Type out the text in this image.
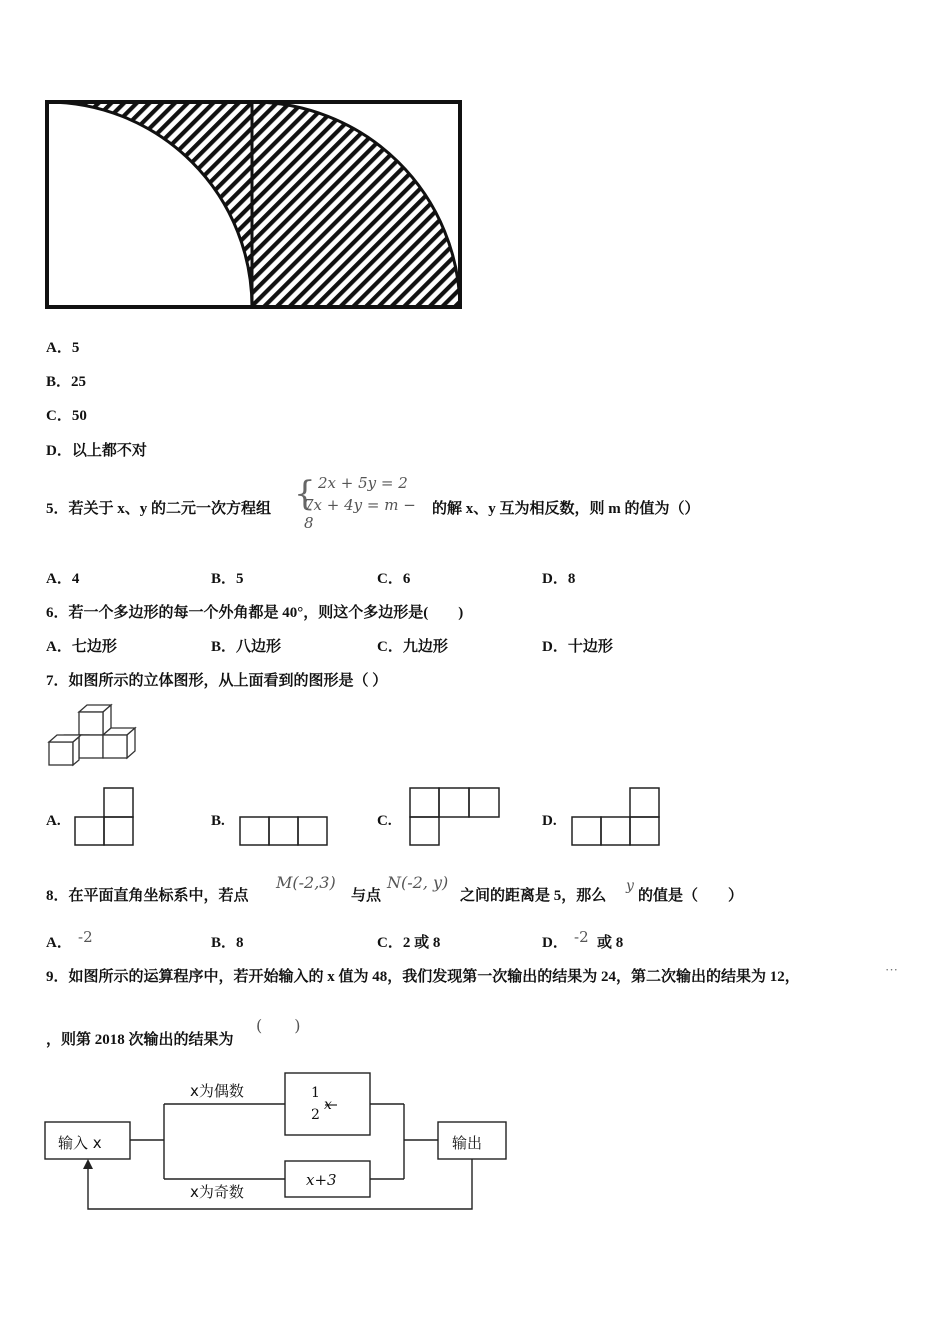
A．5
B．25
C．50
D．以上都不对
5．若关于 x、y 的二元一次方程组 { 2x + 5y = 2
7x + 4y = m − 8
的解 x、y 互为相反数，则 m 的值为（）
A．4	B．5	C．6	D．8
6．若一个多边形的每一个外角都是 40°，则这个多边形是(　　)
A．七边形	B．八边形	C．九边形	D．十边形
7．如图所示的立体图形，从上面看到的图形是（ ）
A.	B.	C.	D.
8．在平面直角坐标系中，若点
M(-2,3)
与点
N(-2, y)
之间的距离是 5，那么
y
的值是（　　）
A． -2	B．8	C．2 或 8	D． -2 或 8
9．如图所示的运算程序中，若开始输入的 x 值为 48，我们发现第一次输出的结果为 24，第二次输出的结果为 12，	···
，则第 2018 次输出的结果为
(　　)
输入 x	输出
x为偶数
x为奇数
1
2
x
x+3
